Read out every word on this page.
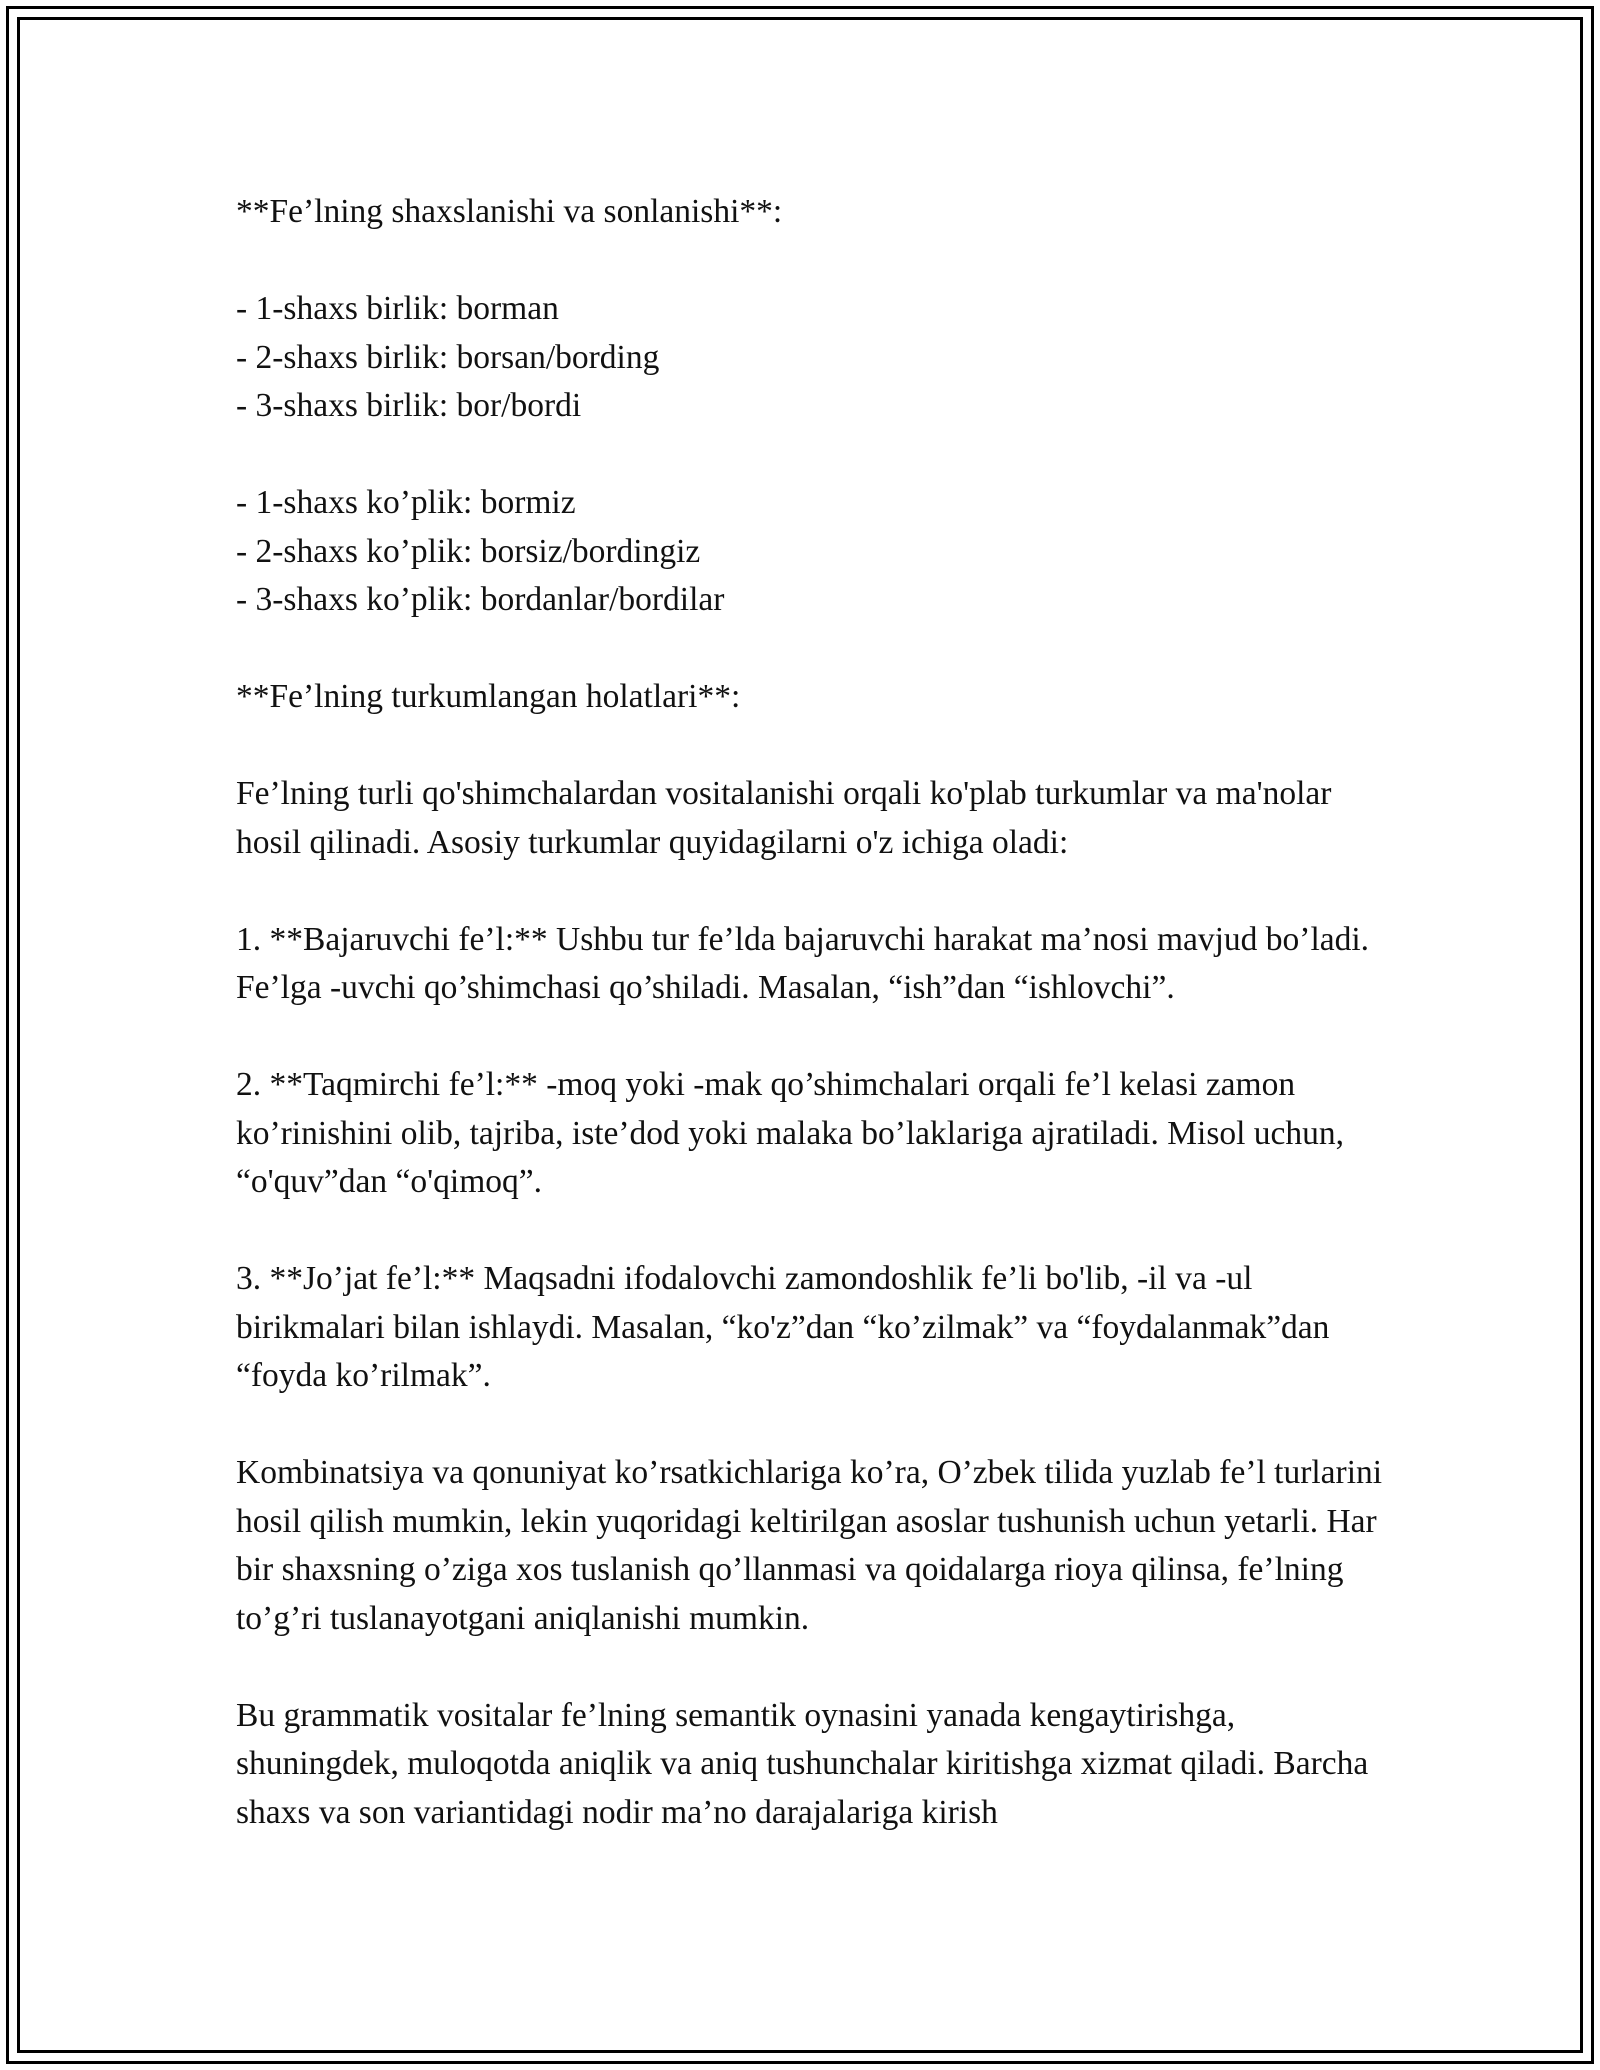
**Fe’lning shaxslanishi va sonlanishi**:

- 1-shaxs birlik: borman

- 2-shaxs birlik: borsan/bording

- 3-shaxs birlik: bor/bordi

- 1-shaxs ko’plik: bormiz

- 2-shaxs ko’plik: borsiz/bordingiz

- 3-shaxs ko’plik: bordanlar/bordilar

**Fe’lning turkumlangan holatlari**:

Fe’lning turli qo'shimchalardan vositalanishi orqali ko'plab turkumlar va ma'nolar hosil qilinadi. Asosiy turkumlar quyidagilarni o'z ichiga oladi:

1. **Bajaruvchi fe’l:** Ushbu tur fe’lda bajaruvchi harakat ma’nosi mavjud bo’ladi. Fe’lga -uvchi qo’shimchasi qo’shiladi. Masalan, “ish”dan “ishlovchi”.

2. **Taqmirchi fe’l:** -moq yoki -mak qo’shimchalari orqali fe’l kelasi zamon ko’rinishini olib, tajriba, iste’dod yoki malaka bo’laklariga ajratiladi. Misol uchun, “o'quv”dan “o'qimoq”.

3. **Jo’jat fe’l:** Maqsadni ifodalovchi zamondoshlik fe’li bo'lib, -il va -ul birikmalari bilan ishlaydi. Masalan, “ko'z”dan “ko’zilmak” va “foydalanmak”dan “foyda ko’rilmak”.

Kombinatsiya va qonuniyat ko’rsatkichlariga ko’ra, O’zbek tilida yuzlab fe’l turlarini hosil qilish mumkin, lekin yuqoridagi keltirilgan asoslar tushunish uchun yetarli. Har bir shaxsning o’ziga xos tuslanish qo’llanmasi va qoidalarga rioya qilinsa, fe’lning to’g’ri tuslanayotgani aniqlanishi mumkin.

Bu grammatik vositalar fe’lning semantik oynasini yanada kengaytirishga, shuningdek, muloqotda aniqlik va aniq tushunchalar kiritishga xizmat qiladi. Barcha shaxs va son variantidagi nodir ma’no darajalariga kirish
